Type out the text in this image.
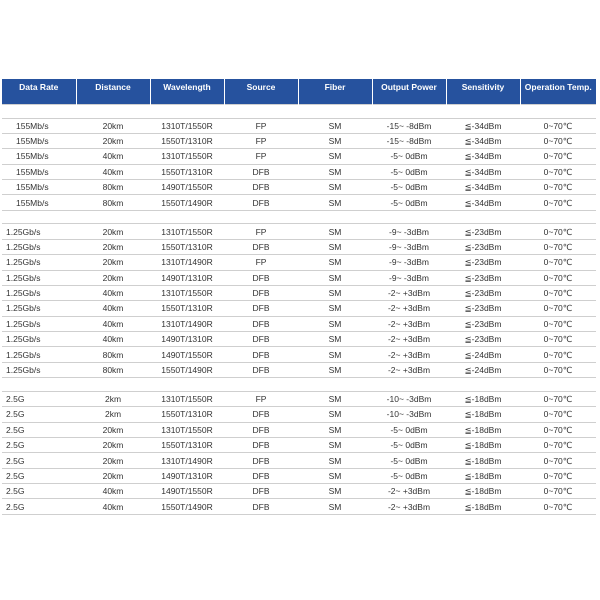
Data Rate	Distance	Wavelength	Source	Fiber	Output Power	Sensitivity	Operation Temp.

155Mb/s	20km	1310T/1550R	FP	SM	-15~ -8dBm	≦-34dBm	0~70℃
155Mb/s	20km	1550T/1310R	FP	SM	-15~ -8dBm	≦-34dBm	0~70℃
155Mb/s	40km	1310T/1550R	FP	SM	-5~ 0dBm	≦-34dBm	0~70℃
155Mb/s	40km	1550T/1310R	DFB	SM	-5~ 0dBm	≦-34dBm	0~70℃
155Mb/s	80km	1490T/1550R	DFB	SM	-5~ 0dBm	≦-34dBm	0~70℃
155Mb/s	80km	1550T/1490R	DFB	SM	-5~ 0dBm	≦-34dBm	0~70℃

1.25Gb/s	20km	1310T/1550R	FP	SM	-9~ -3dBm	≦-23dBm	0~70℃
1.25Gb/s	20km	1550T/1310R	DFB	SM	-9~ -3dBm	≦-23dBm	0~70℃
1.25Gb/s	20km	1310T/1490R	FP	SM	-9~ -3dBm	≦-23dBm	0~70℃
1.25Gb/s	20km	1490T/1310R	DFB	SM	-9~ -3dBm	≦-23dBm	0~70℃
1.25Gb/s	40km	1310T/1550R	DFB	SM	-2~ +3dBm	≦-23dBm	0~70℃
1.25Gb/s	40km	1550T/1310R	DFB	SM	-2~ +3dBm	≦-23dBm	0~70℃
1.25Gb/s	40km	1310T/1490R	DFB	SM	-2~ +3dBm	≦-23dBm	0~70℃
1.25Gb/s	40km	1490T/1310R	DFB	SM	-2~ +3dBm	≦-23dBm	0~70℃
1.25Gb/s	80km	1490T/1550R	DFB	SM	-2~ +3dBm	≦-24dBm	0~70℃
1.25Gb/s	80km	1550T/1490R	DFB	SM	-2~ +3dBm	≦-24dBm	0~70℃

2.5G	2km	1310T/1550R	FP	SM	-10~ -3dBm	≦-18dBm	0~70℃
2.5G	2km	1550T/1310R	DFB	SM	-10~ -3dBm	≦-18dBm	0~70℃
2.5G	20km	1310T/1550R	DFB	SM	-5~ 0dBm	≦-18dBm	0~70℃
2.5G	20km	1550T/1310R	DFB	SM	-5~ 0dBm	≦-18dBm	0~70℃
2.5G	20km	1310T/1490R	DFB	SM	-5~ 0dBm	≦-18dBm	0~70℃
2.5G	20km	1490T/1310R	DFB	SM	-5~ 0dBm	≦-18dBm	0~70℃
2.5G	40km	1490T/1550R	DFB	SM	-2~ +3dBm	≦-18dBm	0~70℃
2.5G	40km	1550T/1490R	DFB	SM	-2~ +3dBm	≦-18dBm	0~70℃
